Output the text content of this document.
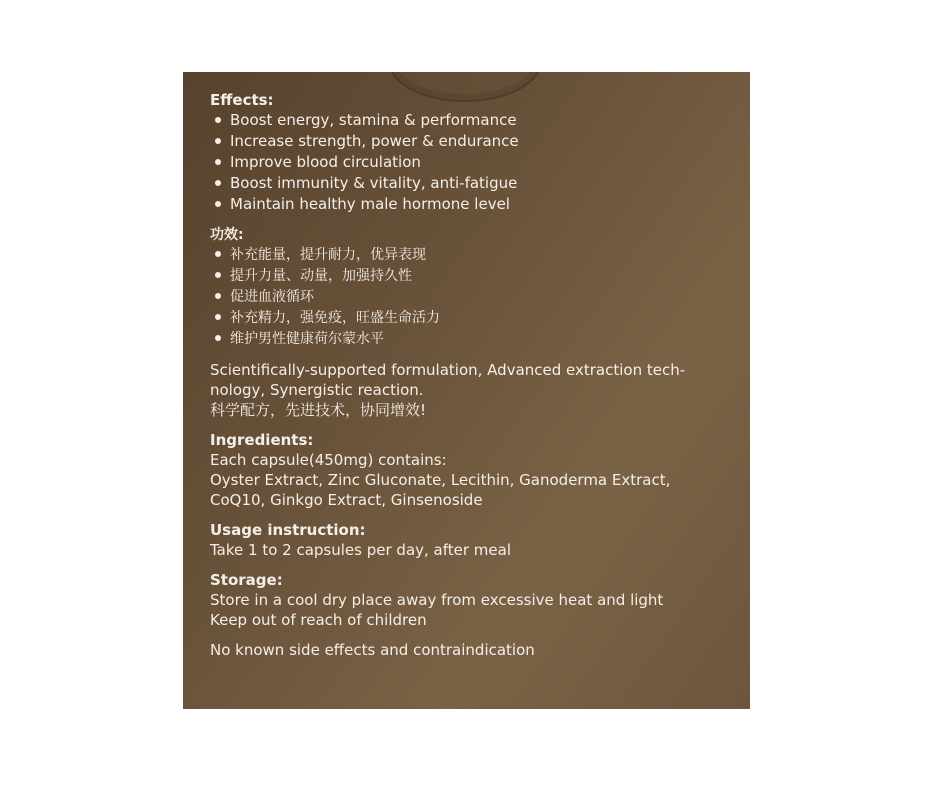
Effects:

Boost energy, stamina & performance
Increase strength, power & endurance
Improve blood circulation
Boost immunity & vitality, anti-fatigue
Maintain healthy male hormone level

功效:

补充能量，提升耐力，优异表现
提升力量、动量，加强持久性
促进血液循环
补充精力，强免疫，旺盛生命活力
维护男性健康荷尔蒙水平

Scientifically-supported formulation, Advanced extraction tech-

nology, Synergistic reaction.

科学配方，先进技术，协同增效!

Ingredients:

Each capsule(450mg) contains:

Oyster Extract, Zinc Gluconate, Lecithin, Ganoderma Extract,

CoQ10, Ginkgo Extract, Ginsenoside

Usage instruction:

Take 1 to 2 capsules per day, after meal

Storage:

Store in a cool dry place away from excessive heat and light

Keep out of reach of children

No known side effects and contraindication
